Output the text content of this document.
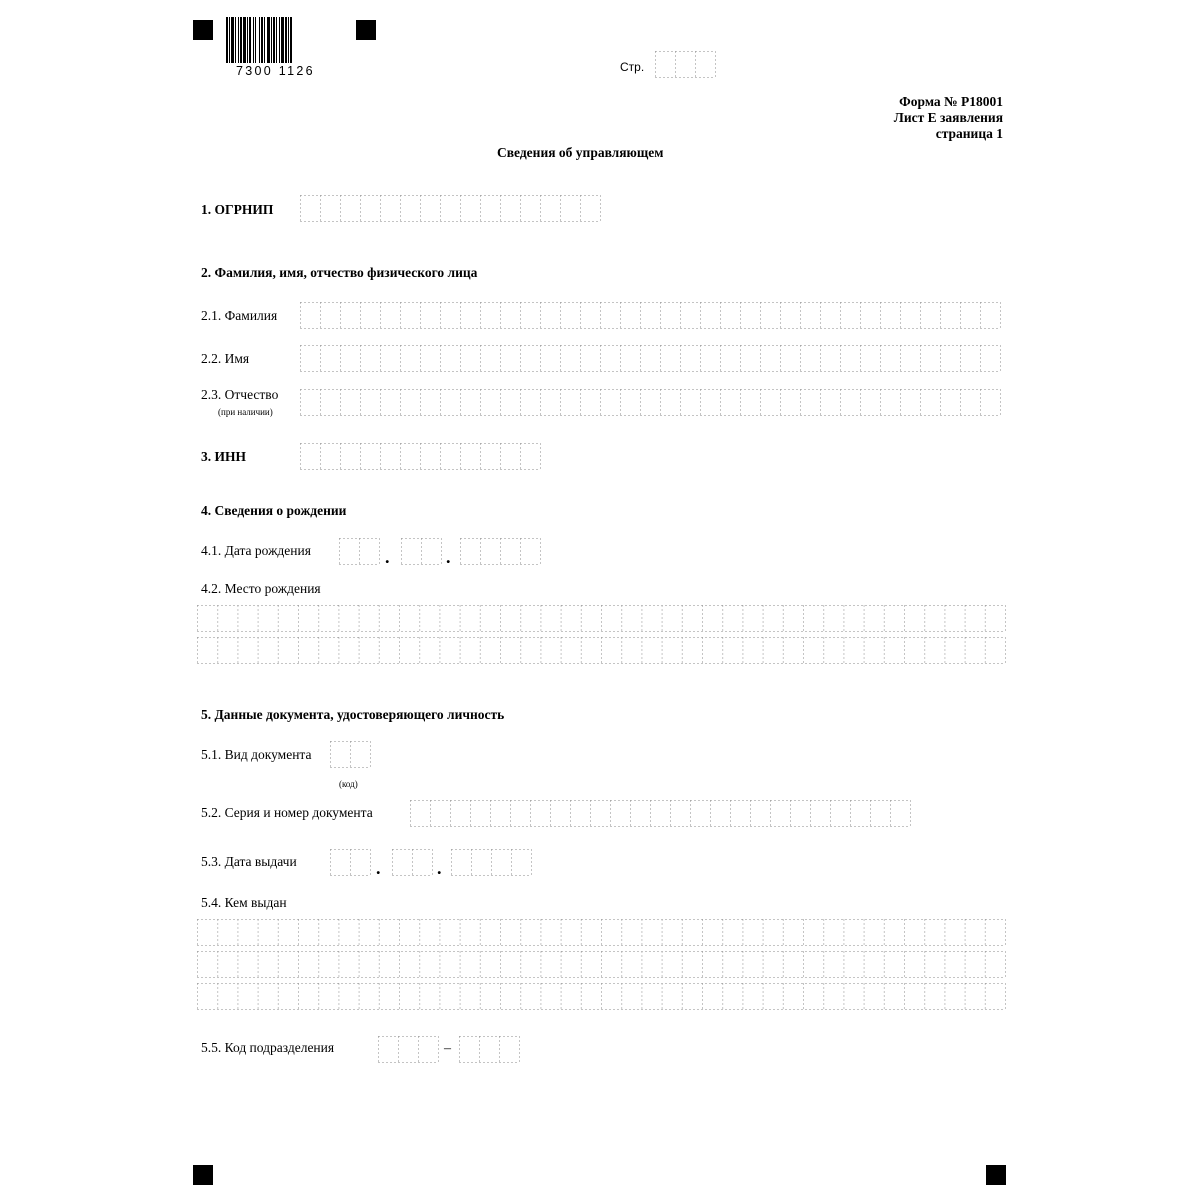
7300 1126	Стр.
Форма № Р18001
Лист Е заявления
страница 1
Сведения об управляющем
1. ОГРНИП
2. Фамилия, имя, отчество физического лица
2.1. Фамилия
2.2. Имя
2.3. Отчество
(при наличии)
3. ИНН
4. Сведения о рождении
4.1. Дата рождения	.	.
4.2. Место рождения
5. Данные документа, удостоверяющего личность
5.1. Вид документа
(код)
5.2. Серия и номер документа
5.3. Дата выдачи	.	.
5.4. Кем выдан
5.5. Код подразделения	–
